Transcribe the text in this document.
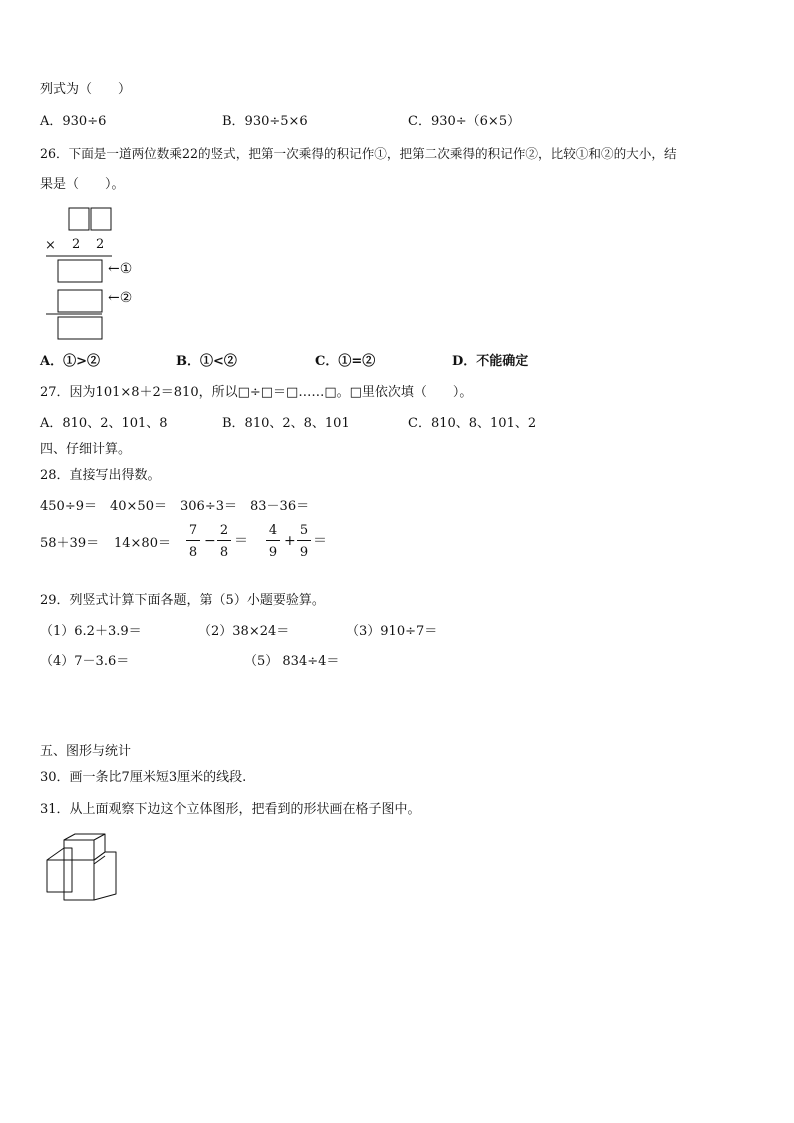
列式为（　　）
A．930÷6	B．930÷5×6	C．930÷（6×5）
26．下面是一道两位数乘22的竖式，把第一次乘得的积记作①，把第二次乘得的积记作②，比较①和②的大小，结
果是（　　）。
× 2 2
←①
←②
A．①>②	B．①<②	C．①=②	D．不能确定
27．因为101×8＋2＝810，所以□÷□＝□……□。□里依次填（　　）。
A．810、2、101、8	B．810、2、8、101	C．810、8、101、2
四、仔细计算。
28．直接写出得数。
450÷9＝ 40×50＝ 306÷3＝ 83－36＝
58＋39＝ 14×80＝
7
8
−
2
8
＝
4
9
+
5
9
＝
29．列竖式计算下面各题，第（5）小题要验算。
（1）6.2＋3.9＝	（2）38×24＝	（3）910÷7＝
（4）7－3.6＝	（5） 834÷4＝
五、图形与统计
30．画一条比7厘米短3厘米的线段.
31．从上面观察下边这个立体图形，把看到的形状画在格子图中。
